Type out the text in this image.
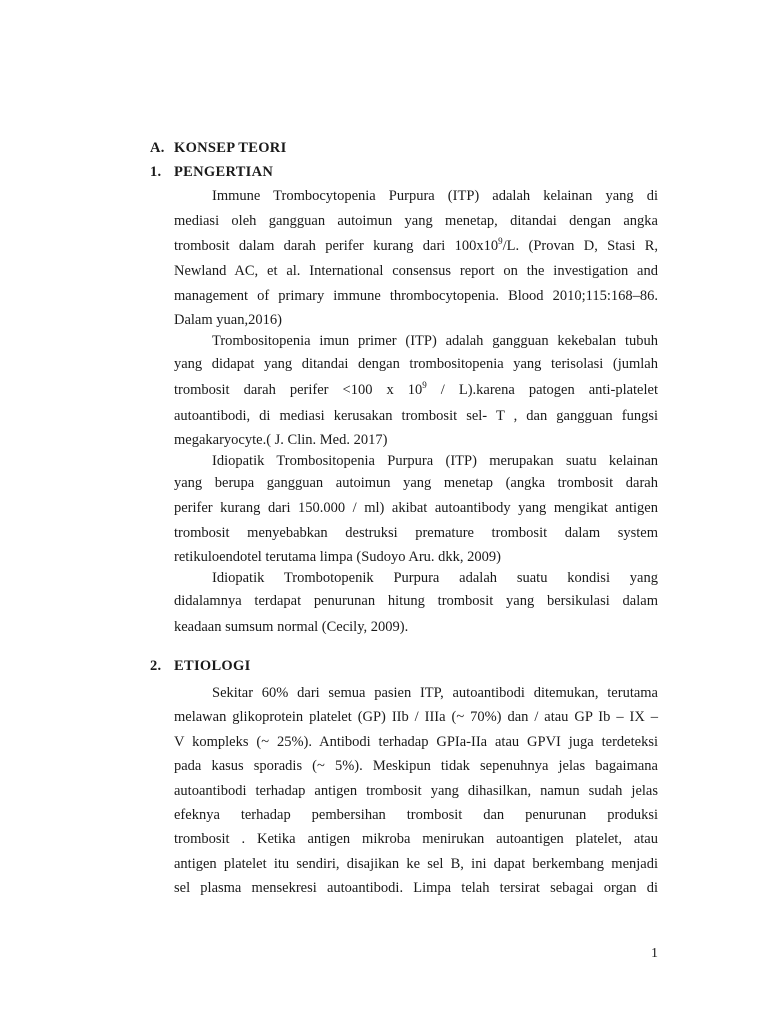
A. KONSEP TEORI
1. PENGERTIAN
Immune Trombocytopenia Purpura (ITP) adalah kelainan yang di
mediasi oleh gangguan autoimun yang menetap, ditandai dengan angka
trombosit dalam darah perifer kurang dari $100x10^9/L$. (Provan D, Stasi R,
Newland AC, et al. International consensus report on the investigation and
management of primary immune thrombocytopenia. Blood 2010;115:168–86.
Dalam yuan,2016)
Trombositopenia imun primer (ITP) adalah gangguan kekebalan tubuh
yang didapat yang ditandai dengan trombositopenia yang terisolasi (jumlah
trombosit darah perifer <100 x $10^9$ / L).karena patogen anti-platelet
autoantibodi, di mediasi kerusakan trombosit sel- T , dan gangguan fungsi
megakaryocyte.( J. Clin. Med. 2017)
Idiopatik Trombositopenia Purpura (ITP) merupakan suatu kelainan
yang berupa gangguan autoimun yang menetap (angka trombosit darah
perifer kurang dari 150.000 / ml) akibat autoantibody yang mengikat antigen
trombosit menyebabkan destruksi premature trombosit dalam system
retikuloendotel terutama limpa (Sudoyo Aru. dkk, 2009)
Idiopatik Trombotopenik Purpura adalah suatu kondisi yang
didalamnya terdapat penurunan hitung trombosit yang bersikulasi dalam
keadaan sumsum normal (Cecily, 2009).
2. ETIOLOGI
Sekitar 60% dari semua pasien ITP, autoantibodi ditemukan, terutama
melawan glikoprotein platelet (GP) IIb / IIIa (~ 70%) dan / atau GP Ib – IX –
V kompleks (~ 25%). Antibodi terhadap GPIa-IIa atau GPVI juga terdeteksi
pada kasus sporadis (~ 5%). Meskipun tidak sepenuhnya jelas bagaimana
autoantibodi terhadap antigen trombosit yang dihasilkan, namun sudah jelas
efeknya terhadap pembersihan trombosit dan penurunan produksi
trombosit . Ketika antigen mikroba menirukan autoantigen platelet, atau
antigen platelet itu sendiri, disajikan ke sel B, ini dapat berkembang menjadi
sel plasma mensekresi autoantibodi. Limpa telah tersirat sebagai organ di
1
